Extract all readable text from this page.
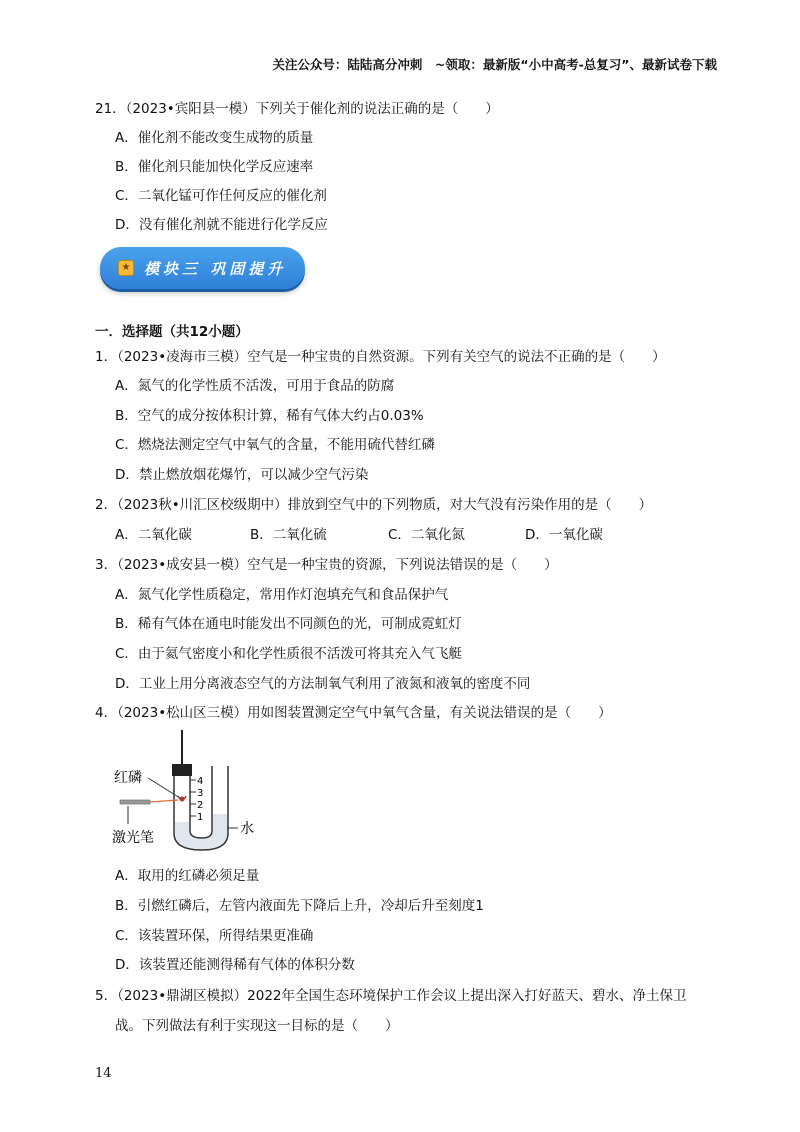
关注公众号：陆陆高分冲刺　~领取：最新版“小中高考-总复习”、最新试卷下载
21．（2023•宾阳县一模）下列关于催化剂的说法正确的是（　　）
A．催化剂不能改变生成物的质量
B．催化剂只能加快化学反应速率
C．二氧化锰可作任何反应的催化剂
D．没有催化剂就不能进行化学反应
★ 模块三 巩固提升
一．选择题（共12小题）
1．（2023•凌海市三模）空气是一种宝贵的自然资源。下列有关空气的说法不正确的是（　　）
A．氮气的化学性质不活泼，可用于食品的防腐
B．空气的成分按体积计算，稀有气体大约占0.03%
C．燃烧法测定空气中氧气的含量，不能用硫代替红磷
D．禁止燃放烟花爆竹，可以减少空气污染
2．（2023秋•川汇区校级期中）排放到空气中的下列物质，对大气没有污染作用的是（　　）
A．二氧化碳	B．二氧化硫	C．二氧化氮	D．一氧化碳
3．（2023•成安县一模）空气是一种宝贵的资源，下列说法错误的是（　　）
A．氮气化学性质稳定，常用作灯泡填充气和食品保护气
B．稀有气体在通电时能发出不同颜色的光，可制成霓虹灯
C．由于氦气密度小和化学性质很不活泼可将其充入气飞艇
D．工业上用分离液态空气的方法制氧气利用了液氮和液氧的密度不同
4．（2023•松山区三模）用如图装置测定空气中氧气含量，有关说法错误的是（　　）
4
3
2
1
红磷
激光笔
水
A．取用的红磷必须足量
B．引燃红磷后，左管内液面先下降后上升，冷却后升至刻度1
C．该装置环保，所得结果更准确
D．该装置还能测得稀有气体的体积分数
5．（2023•鼎湖区模拟）2022年全国生态环境保护工作会议上提出深入打好蓝天、碧水、净土保卫
战。下列做法有利于实现这一目标的是（　　）
14
